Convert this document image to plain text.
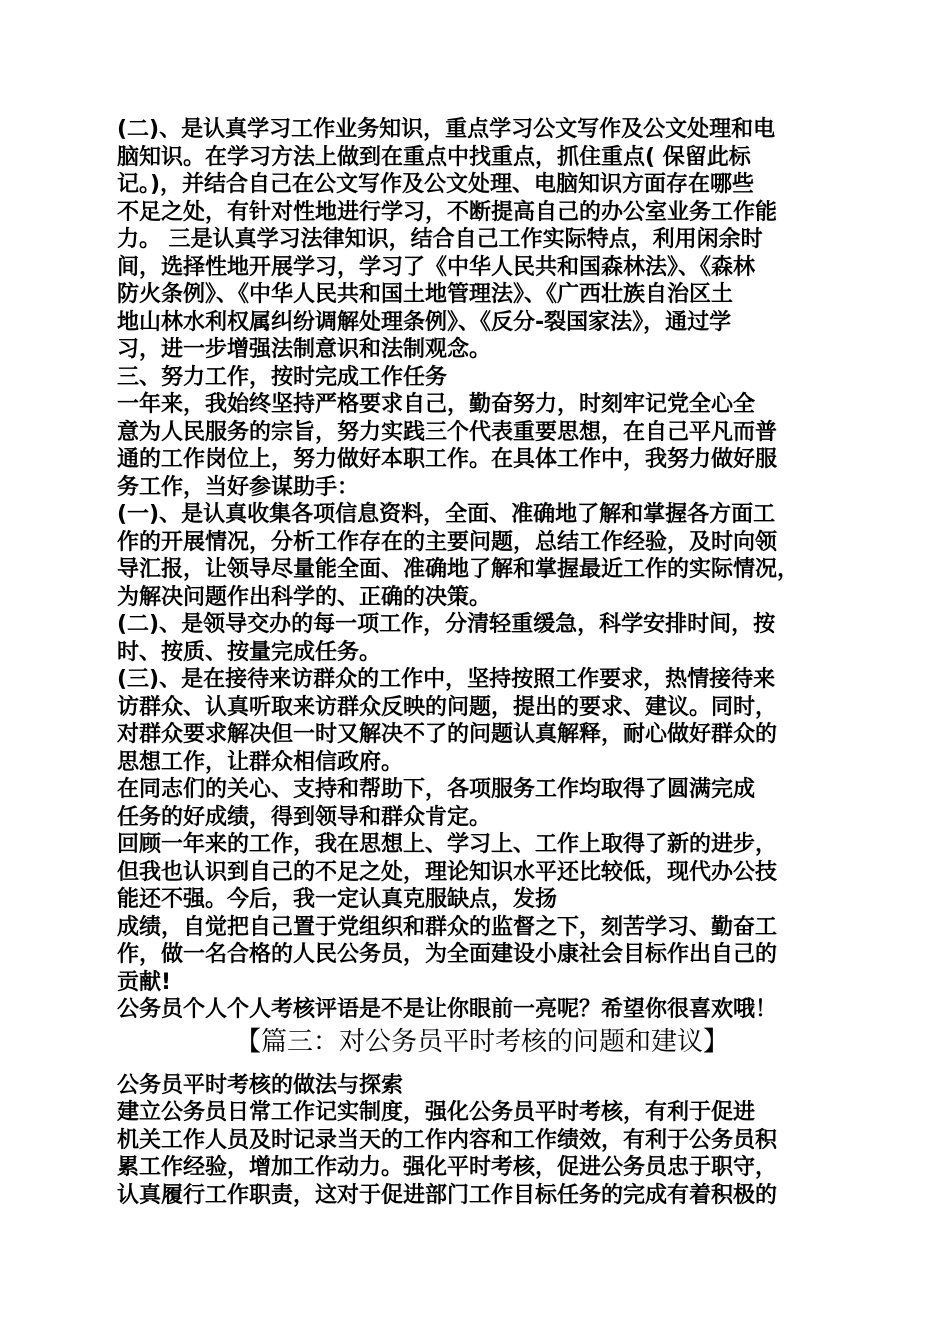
(二)、是认真学习工作业务知识，重点学习公文写作及公文处理和电
脑知识。在学习方法上做到在重点中找重点，抓住重点( 保留此标
记。)，并结合自己在公文写作及公文处理、电脑知识方面存在哪些
不足之处，有针对性地进行学习，不断提高自己的办公室业务工作能
力。 三是认真学习法律知识，结合自己工作实际特点，利用闲余时
间，选择性地开展学习，学习了《中华人民共和国森林法》、《森林
防火条例》、《中华人民共和国土地管理法》、《广西壮族自治区土
地山林水利权属纠纷调解处理条例》、《反分-裂国家法》，通过学
习，进一步增强法制意识和法制观念。
三、努力工作，按时完成工作任务
一年来，我始终坚持严格要求自己，勤奋努力，时刻牢记党全心全
意为人民服务的宗旨，努力实践三个代表重要思想，在自己平凡而普
通的工作岗位上，努力做好本职工作。在具体工作中，我努力做好服
务工作，当好参谋助手：
(一)、是认真收集各项信息资料，全面、准确地了解和掌握各方面工
作的开展情况，分析工作存在的主要问题，总结工作经验，及时向领
导汇报，让领导尽量能全面、准确地了解和掌握最近工作的实际情况，
为解决问题作出科学的、正确的决策。
(二)、是领导交办的每一项工作，分清轻重缓急，科学安排时间，按
时、按质、按量完成任务。
(三)、是在接待来访群众的工作中，坚持按照工作要求，热情接待来
访群众、认真听取来访群众反映的问题，提出的要求、建议。同时，
对群众要求解决但一时又解决不了的问题认真解释，耐心做好群众的
思想工作，让群众相信政府。
在同志们的关心、支持和帮助下，各项服务工作均取得了圆满完成
任务的好成绩，得到领导和群众肯定。
回顾一年来的工作，我在思想上、学习上、工作上取得了新的进步，
但我也认识到自己的不足之处，理论知识水平还比较低，现代办公技
能还不强。今后，我一定认真克服缺点，发扬
成绩，自觉把自己置于党组织和群众的监督之下，刻苦学习、勤奋工
作，做一名合格的人民公务员，为全面建设小康社会目标作出自己的
贡献!
公务员个人个人考核评语是不是让你眼前一亮呢？希望你很喜欢哦！
【篇三：对公务员平时考核的问题和建议】
公务员平时考核的做法与探索
建立公务员日常工作记实制度，强化公务员平时考核，有利于促进
机关工作人员及时记录当天的工作内容和工作绩效，有利于公务员积
累工作经验，增加工作动力。强化平时考核，促进公务员忠于职守，
认真履行工作职责，这对于促进部门工作目标任务的完成有着积极的
